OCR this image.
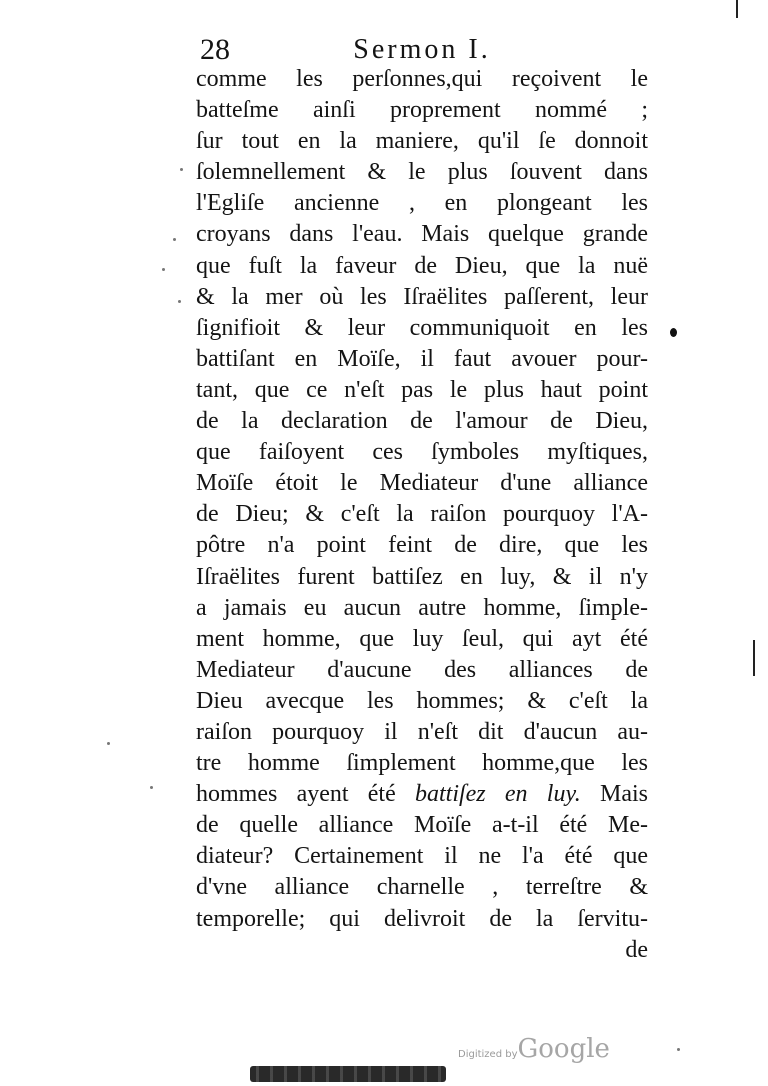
28	Sermon I.
comme les perſonnes,qui reçoivent le
batteſme ainſi proprement nommé ;
ſur tout en la maniere, qu'il ſe donnoit
ſolemnellement & le plus ſouvent dans
l'Egliſe ancienne , en plongeant les
croyans dans l'eau. Mais quelque grande
que fuſt la faveur de Dieu, que la nuë
& la mer où les Iſraëlites paſſerent, leur
ſignifioit & leur communiquoit en les
battiſant en Moïſe, il faut avouer pour-
tant, que ce n'eſt pas le plus haut point
de la declaration de l'amour de Dieu,
que faiſoyent ces ſymboles myſtiques,
Moïſe étoit le Mediateur d'une alliance
de Dieu; & c'eſt la raiſon pourquoy l'A-
pôtre n'a point feint de dire, que les
Iſraëlites furent battiſez en luy, & il n'y
a jamais eu aucun autre homme, ſimple-
ment homme, que luy ſeul, qui ayt été
Mediateur d'aucune des alliances de
Dieu avecque les hommes; & c'eſt la
raiſon pourquoy il n'eſt dit d'aucun au-
tre homme ſimplement homme,que les
hommes ayent été battiſez en luy. Mais
de quelle alliance Moïſe a-t-il été Me-
diateur? Certainement il ne l'a été que
d'vne alliance charnelle , terreſtre &
temporelle; qui delivroit de la ſervitu-
de
Digitized byGoogle
